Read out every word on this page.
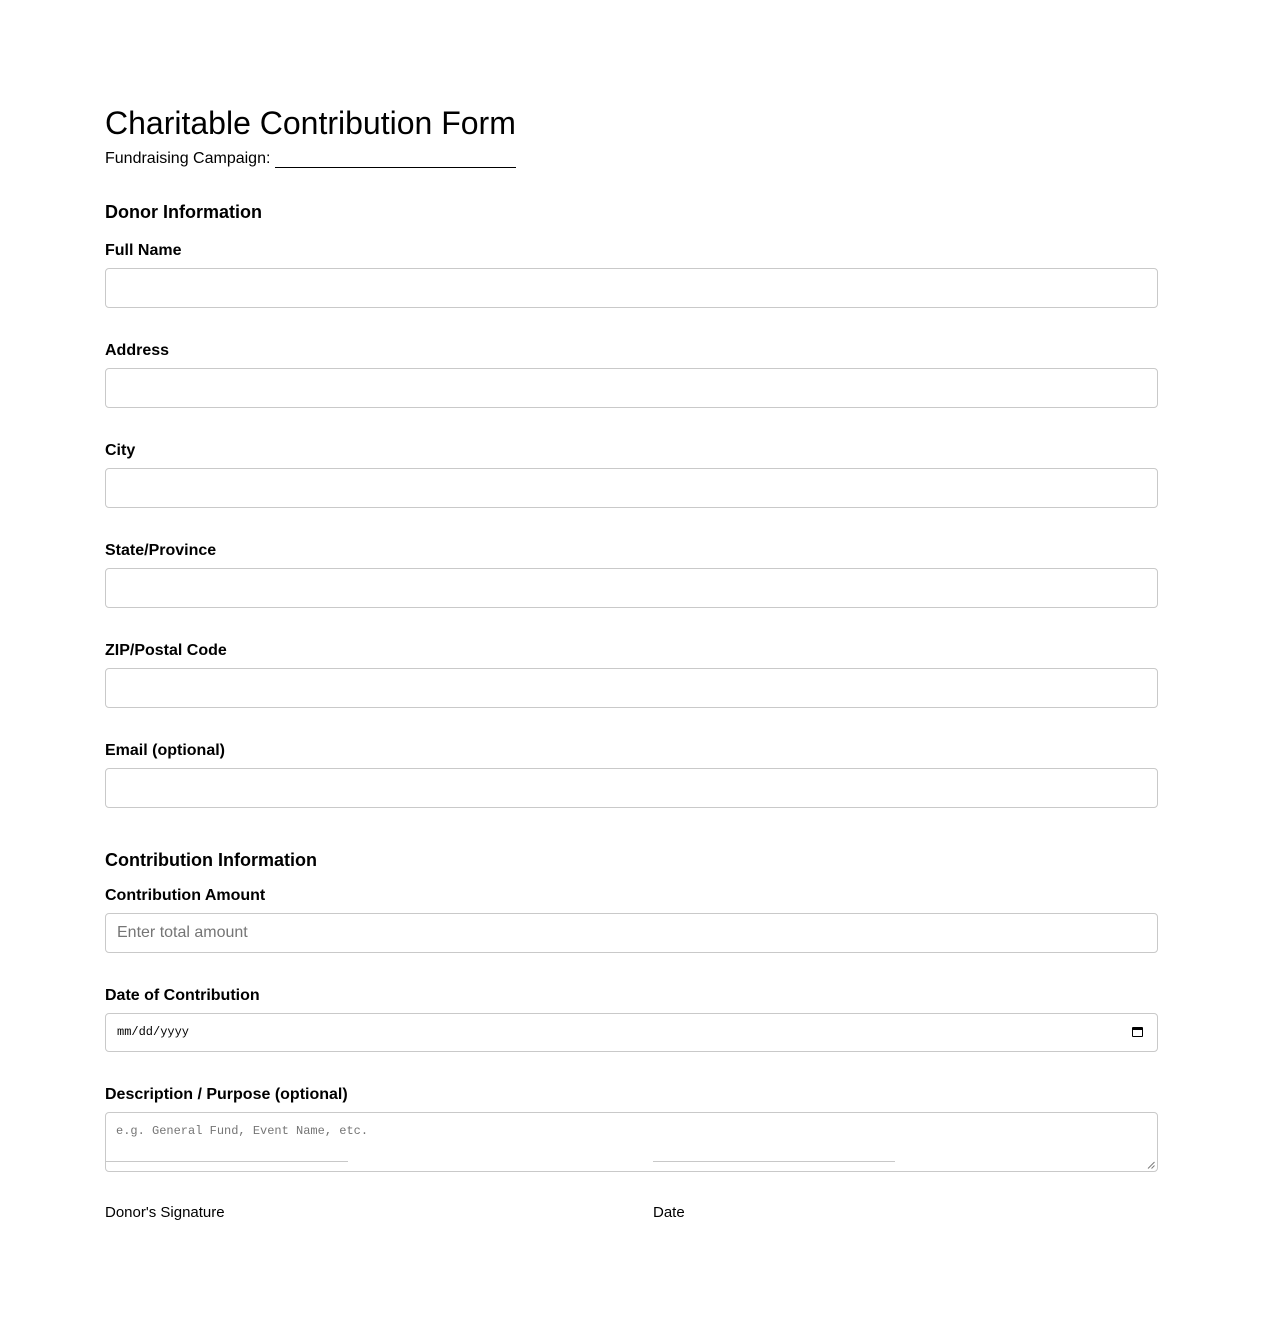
Charitable Contribution Form
Fundraising Campaign:
Donor Information
Full Name
Address
City
State/Province
ZIP/Postal Code
Email (optional)
Contribution Information
Contribution Amount
Enter total amount
Date of Contribution
mm/dd/yyyy
Description / Purpose (optional)
e.g. General Fund, Event Name, etc.
Donor's Signature	Date
